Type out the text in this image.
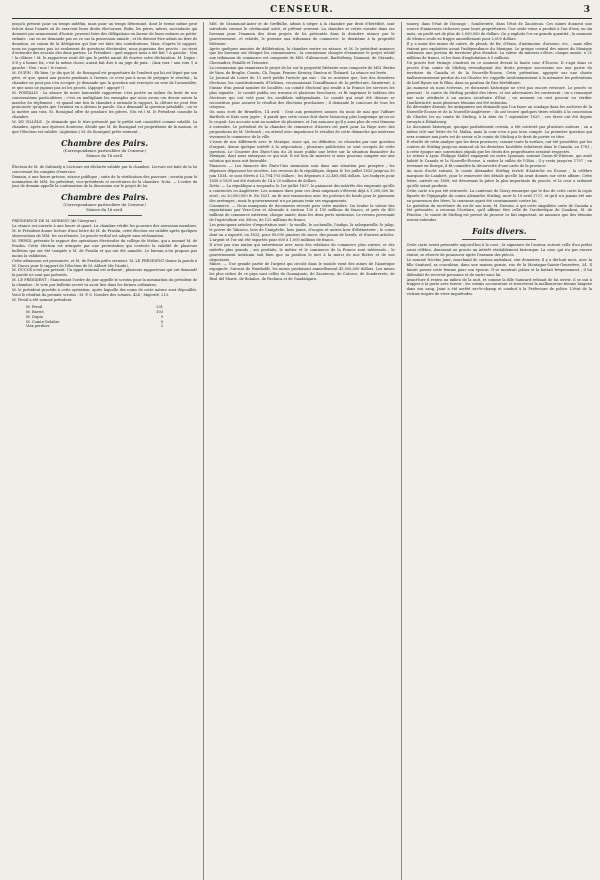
CENSEUR.	3
jusqu'à présent pour un temps indéfini, mais pour un temps déterminé, dont le terme même peut échoir dans l'année où ils exercent leurs droits électoraux. Enfin, les pères, mères, ascendants qui donnent par avancement d'hoirie, peuvent faire des délégations en faveur de leurs enfants ou petits-enfants : car on ne demande pas en ce cas la possession annale ; et ils doivent être admis au titre de donation, en raison de la délégation qui leur est faite des contributions. Mais, d'après le rapport, nous ne jugerions pas ici seulement de questions électorales, nous jugerions des procès : on vient d'entendre des avocats des deux parties. Le Président : quel rapport nous a été fait ? A gauche : Non ! la clôture ! M. le rapporteur avait dit que le préfet aurait dû écarter cette déclaration. M. Dupin : S'il y a bonne foi, c'est la même chose, aurait fait dire à un juge de paix... (Aux voix ! aux voix !) A gauche : Non ! non ! le renvoi.
M. DUPIN : Eh bien ! je dis que M. de Rossignol est propriétaire de l'endroit qui lui est légué par son père, et que, quant aux procès pendants à l'avenir, ce n'est pas à nous de préjuger le résultat ; la chambre ne peut pas s'en occuper. Je demande que la question soit renvoyée au vote de l'assemblée, et que nous ne jugions pas ici les procès. (Appuyé ! appuyé !)
M. PORTALIS : La séance de notre honorable rapporteur s'est portée au milieu du bruit de nos conversations particulières ; c'est en multipliant les exemples que nous avons cru devoir suivre la marche du règlement ; et quand une fois la chambre a entendu le rapport, la clôture ne peut être prononcée qu'après que l'orateur en a obtenu la parole. On a demandé la question préalable ; on va la mettre aux voix. M. Rossignol offre de produire les pièces. (On rit.) M. le Président consulte la chambre.
M. DE VILLÈLE : Je demande que le titre présenté par le préfet soit considéré comme valable. La chambre, après une épreuve douteuse, décide que M. de Rossignol est propriétaire de la maison, et que l'élection est validée. (Agitation.) M. de Rossignol prête serment.
Chambre des Pairs.
(Correspondance particulière du Censeur.)
Séance du 16 avril.
Élection de M. de Salvandy à Lectoure est déclarée valable par la chambre. Lecture est faite de la loi concernant les comptes d'exercice.
Demain, à une heure précise, séance publique ; suite de la vérification des pouvoirs ; scrutin pour la nomination de MM. les président, vice-présidents et secrétaires de la chambre. Nota. — L'ordre du jour de demain appelle la continuation de la discussion sur le projet de loi.
Chambre des Pairs.
(Correspondance particulière du Censeur.)
Séance du 16 avril.
PRÉSIDENCE DE M. MORISSY (de l'Aveyron).
La séance est ouverte à une heure et quart. La chambre vérifie les pouvoirs des nouveaux membres. M. le Président donne lecture d'une lettre de M. de Praslin, cette élection est validée après quelques observations de MM. les secrétaires. Le procès-verbal est adopté sans réclamation.
M. PERSIL présente le rapport des opérations électorales du collège de Melun, qui a nommé M. de Praslin. Cette élection est attaquée par une protestation qui conteste la validité de plusieurs bulletins qui ont été comptés à M. de Praslin et qui ont été annulés. Le bureau n'en propose pas moins la validation.
Cette admission est prononcée, et M. de Praslin prête serment. M. LE PRÉSIDENT donne la parole à M. Ducos pour le rapport de l'élection de M. Alibert (de l'Aude).
M. DUCOS n'est pas présent. Un appel nominal est ordonné ; plusieurs rapporteurs qui ont demandé la parole ne sont pas présents.
M. LE PRÉSIDENT : Maintenant l'ordre du jour appelle le scrutin pour la nomination du président de la chambre ; le vote par bulletin secret va avoir lieu dans les formes ordinaires.
M. le président procède à cette opération, après laquelle des noms de cette nature sont dépouillés. Voici le résultat du premier scrutin : M. P. S. Nombre des votants, 424 ; Majorité, 213.
M. Persil a été nommé président.
M. Persil	231
M. Barrot	103
M. Dupin	9
M. Comte-Delabre	9
Voix perdues	2
MM. de Grammont-Aster et de Greffulhe, admis à siéger à la chambre par droit d'hérédité, sont introduits suivant le cérémonial usité, et prêtent serment. La chambre se retire ensuite dans ses bureaux pour l'examen des deux projets de loi présentés dans la dernière séance par le gouvernement, et relatifs, le premier aux tribunaux de commerce, le deuxième à la propriété littéraire.
Après quelques minutes de délibération, la chambre rentre en séance, et M. le président annonce que les bureaux ont désigné les commissaires ; la commission chargée d'examiner le projet relatif aux tribunaux de commerce est composée de MM. d'Aboncourt, Barthélemy, Daunant, de Gérando, Chevandier, Pataille et Teisseire.
La commission qui examinera le projet de loi sur la propriété littéraire sera composée de MM. Bertin de Vaux, de Broglie, Cousin, Ch. Dupin, Fourier, Keratry, Siméon et Thénard. La séance est levée.
Le Journal du Loiret du 13 avril publie l'article qui suit : On se souvient que, lors des dernières élections, les constitutionnels d'Orléans, reconnaissant l'insuffisance de la préfecture, formèrent, à l'instar d'un grand nombre de localités, un comité électoral qui rendit à la France les services les plus signalés ; le comité publia ses travaux et plusieurs brochures, et fit imprimer le tableau des électeurs qui ont voté pour les candidats indépendants. Le comité qui avait été dissous se reconstitue pour assurer le résultat des élections prochaines ; il demande le concours de tous les citoyens.
On nous écrit de Bruxelles, 14 avril : Cent aux premières assises du mois de mai que l'affaire Barthels et Kats sera jugée ; il paraît que cette cause doit durer beaucoup plus longtemps qu'on ne le croyait. Les accusés sont au nombre de plusieurs, et l'on annonce qu'il y aura plus de cent témoins à entendre. Le président de la chambre de commerce d'Anvers est parti pour La Haye avec des propositions de M. Verbrack ; on attend avec impatience le résultat de cette démarche qui intéresse vivement le commerce de la ville.
L'issue de nos différends avec le Mexique, issue qui, en définitive, se résoudra par une question d'argent, donne quelque intérêt à la négociation ; plusieurs publicistes se sont occupés de cette question. Le Courrier des États-Unis du 26 mars publie une lettre sur la situation financière du Mexique, dont nous extrayons ce qui suit. Il est bon de montrer si nous pouvons compter sur une solution qui nous soit favorable.
Finances. — Les finances des États-Unis mexicains sont dans une situation peu prospère ; les dépenses dépassent les recettes. Les revenus de la république, depuis le 1er juillet 1833 jusqu'au 30 juin 1834, se sont élevés à 12,794,793 dollars ; les dépenses à 22,465,684 dollars. Les budgets pour 1838 à 1839 ont été évalués de 14 à 20 millions de dollars.
Dette. — La république a suspendu, le 1er juillet 1827, le paiement des intérêts des emprunts qu'elle a contractés en Angleterre. Les sommes dues pour ces deux emprunts s'élèvent déjà à 1,200,000 liv. sterl., ou 30,000,000 fr. En 1831, on fit une transaction avec les porteurs de fonds pour le paiement des arrérages ; mais le gouvernement n'a pu jamais tenir ses engagements.
Commerce. — Nous manquons de documents récents pour cette matière. On évalue la valeur des exportations par Vera-Cruz et Alvarado à environ 130 à 150 millions de francs, et près de 400 millions de commerce extérieur, chaque année, dans les deux ports mexicains. Le revenu provenant de l'agriculture est, dit-on, de 122 millions de francs.
Les principaux articles d'exportation sont : la vanille, le cochenille, l'indigo, la salsepareille, le jalap, le poivre de Tabasco, bois de Campêche, bois jaune, d'acajou et autres bois d'ébénisterie ; le coton dont on a exporté, en 1833, pour 80,000 piastres de sucre, des peaux de bœufs, et d'autres articles. L'argent et l'or ont été exportés pour 600 à 1,000 millions de francs.
Il n'est pas une nation qui entretienne avec nous des relations de commerce plus suivies, et des intérêts plus grands ; ses produits, le métier et le commerce de la France sont intéressés ; le gouvernement mexicain sait bien que sa position le met à la merci de nos flottes et de nos négociants.
Mines. — Une grande partie de l'argent qui circule dans le monde vient des mines de l'Amérique espagnole. Suivant de Humboldt, les mines produisent annuellement 43,500,000 dollars. Les mines les plus riches de ce pays sont celles de Guanajuato, de Zacatecas, de Catorce, de Sombrerete, de Real del Monte, de Bolaños, de Pachuca et de Guadalajara.
sanery, dans l'état de Durango ; Sombrerete, dans l'état de Zacatecas. Ces mines donnent une source d'immenses richesses pour leurs propriétaires. Une seule veine a produit à l'un d'eux, en six mois, un profit net de plus de 2,000,000 de dollars. On y exploite l'or en grande quantité ; la monnaie de Mexico seule en frappe annuellement pour 2,000 dollars.
Il y a aussi des mines de cuivre, de plomb, de fer, d'étain, d'antimoine, d'arsenic, etc. ; mais elles étaient peu exploitées avant l'indépendance du Mexique. Le groupe central des mines du Mexique embrasse une portion de territoire plus étendue. La valeur du minerai s'élève, chaque année, à 21 millions de francs, et les frais d'exploitation à 5 millions.
Un procès fort étrange s'instruit en ce moment devant la haute cour d'Écosse. Il s'agit dans ce procès d'un comte de Stirling revendiquant des droits presque souverains sur une partie du territoire du Canada et de la Nouvelle-Écosse. Cette prétention, appuyée sur une charte malheureusement perdue du roi Charles Ier, rappelle involontairement à la mémoire les prétentions de lord Byron sur le Rhin, dans sa position de Pair héréditaire.
Au moment où nous écrivons, ce document historique ne s'est pas encore retrouvé. Le procès se poursuit : le comte de Stirling produit des titres, et ses adversaires les contestent ; on a remarqué une note attribuée à un ancien secrétaire d'État ; un moment on crut pouvoir en vérifier l'authenticité, mais plusieurs témoins ont été entendus.
En décembre dernier, les antiquaires ont demandé que l'on fasse un sondage dans les archives de la Nouvelle-Écosse et de la Nouvelle-Angleterre ; ils ont trouvé quelques titres relatifs à la concession de Charles Ier au comte de Stirling, à la date du 7 septembre 1625 ; ces titres ont été depuis envoyés à Édimbourg.
Le document historique, quoique parfaitement certain, a été contesté par plusieurs auteurs ; on a même cité une lettre de M. Malan, mais la cour n'en a pas tenu compte. La première question qui sera soumise aux jurés est de savoir si le comte de Stirling a le droit de porter ce titre.
Il résulte de cette analyse que les deux provinces, comme toute la surface, ont été possédées par les comtes de Stirling jusqu'au moment où les dernières hostilités éclatèrent dans le Canada, en 1763 ; à cette époque une convention stipula que les droits des propriétaires seraient respectés.
Le retour à Lyon. Philippe Mallet engageait en outre Lyonnais, nommé Caron-St-Étienne, qui avait habité le Canada et la Nouvelle-Écosse, à visiter la vallée de l'Ohio ; il y resta jusqu'en 1707 ; en revenant en Europe, il fit connaître la découverte d'une carte de la province.
Au mois d'août suivant, le comte Alexandre Stirling écrivit d'Antriche en Écosse ; la célèbre marquise de Lambert, pour le remercier des détails qu'elle lui avait donnés sur cette affaire. Cette lettre, arrivée en 1808, est désormais la pièce la plus importante du procès, et la cour a ordonné qu'elle serait produite.
Cette carte n'a pas été retrouvée. La comtesse de Cussy remarque que le duc de cette carte la copie figurée de l'épigraphe du comte Alexandre Stirling, mort le 19 avril 1727, et qu'il n'a jamais été mis en possession des titres, la couronne ayant été constamment contre lui.
Le guéridon du secrétaire du roi de son nom, M. Davonn, à qui cette singulière carte de Canada a été présentée, a reconnu l'écriture, qu'il affirme être celle de l'archevêque de Cambrai, M. de Fénelon ; le comte de Stirling est pressé de prouver ce fait important, on annonce que des témoins seront entendus.
Faits divers.
Cette carte serait présentée aujourd'hui à la cour ; la signature de l'auteur, surtout celle d'un prélat aussi célèbre, donnerait au procès un intérêt véritablement historique. La cour, qui n'a pas encore statué, se réserve de prononcer après l'examen des pièces.
Le nommé Nicolas Jaint, marchand de cartons ambulant, vint demeurer, il y a dix-huit mois, avec la fille Saintard, sa concubine, dans une maison garnie, rue de la Montagne-Sainte-Geneviève, 24. Il faisait passer cette femme pour son épouse. Il se montrait jaloux et la battait fréquemment ; il lui défendait de recevoir personne et de sortir sans lui.
Avant-hier il rentra au milieu de la nuit, et comme la fille Saintard refusait de lui ouvrir, il se mit à frapper à la porte avec fureur ; les voisins accoururent et trouvèrent la malheureuse femme baignée dans son sang. Jaint a été arrêté sur-le-champ et conduit à la Préfecture de police. L'état de la victime inspire de vives inquiétudes.
